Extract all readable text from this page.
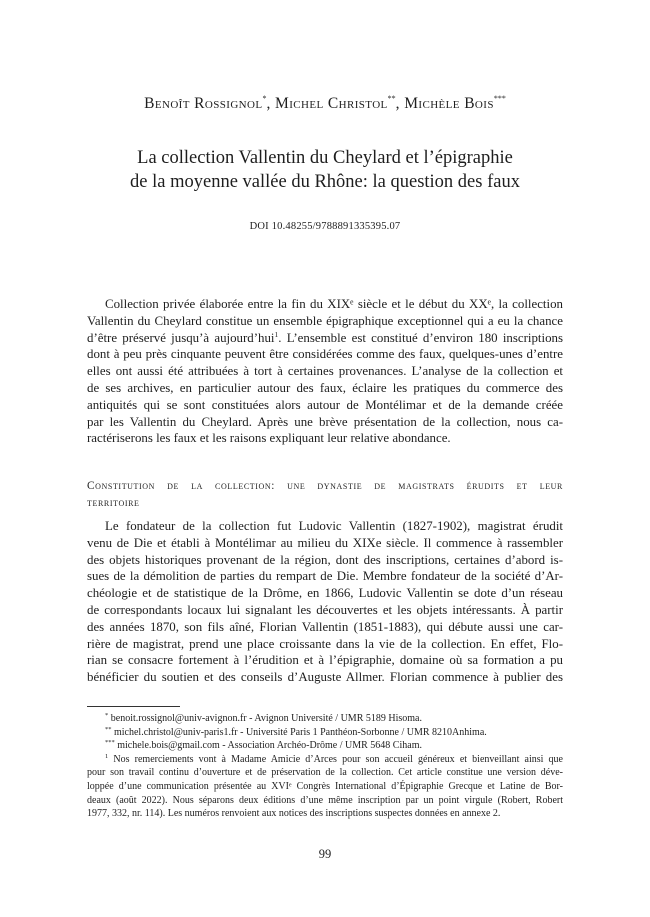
Benoît Rossignol*, Michel Christol**, Michèle Bois***
La collection Vallentin du Cheylard et l’épigraphie
de la moyenne vallée du Rhône: la question des faux
DOI 10.48255/9788891335395.07
Collection privée élaborée entre la fin du XIXᵉ siècle et le début du XXᵉ, la collection
Vallentin du Cheylard constitue un ensemble épigraphique exceptionnel qui a eu la chance
d’être préservé jusqu’à aujourd’hui$^1$. L’ensemble est constitué d’environ 180 inscriptions
dont à peu près cinquante peuvent être considérées comme des faux, quelques-unes d’entre
elles ont aussi été attribuées à tort à certaines provenances. L’analyse de la collection et
de ses archives, en particulier autour des faux, éclaire les pratiques du commerce des
antiquités qui se sont constituées alors autour de Montélimar et de la demande créée
par les Vallentin du Cheylard. Après une brève présentation de la collection, nous ca-
ractériserons les faux et les raisons expliquant leur relative abondance.
Constitution de la collection: une dynastie de magistrats érudits et leur
territoire
Le fondateur de la collection fut Ludovic Vallentin (1827-1902), magistrat érudit
venu de Die et établi à Montélimar au milieu du XIXe siècle. Il commence à rassembler
des objets historiques provenant de la région, dont des inscriptions, certaines d’abord is-
sues de la démolition de parties du rempart de Die. Membre fondateur de la société d’Ar-
chéologie et de statistique de la Drôme, en 1866, Ludovic Vallentin se dote d’un réseau
de correspondants locaux lui signalant les découvertes et les objets intéressants. À partir
des années 1870, son fils aîné, Florian Vallentin (1851-1883), qui débute aussi une car-
rière de magistrat, prend une place croissante dans la vie de la collection. En effet, Flo-
rian se consacre fortement à l’érudition et à l’épigraphie, domaine où sa formation a pu
bénéficier du soutien et des conseils d’Auguste Allmer. Florian commence à publier des
* benoit.rossignol@univ-avignon.fr - Avignon Université / UMR 5189 Hisoma.
** michel.christol@univ-paris1.fr - Université Paris 1 Panthéon-Sorbonne / UMR 8210Anhima.
*** michele.bois@gmail.com - Association Archéo-Drôme / UMR 5648 Ciham.
$^1$ Nos remerciements vont à Madame Amicie d’Arces pour son accueil généreux et bienveillant ainsi que
pour son travail continu d’ouverture et de préservation de la collection. Cet article constitue une version déve-
loppée d’une communication présentée au XVIᵉ Congrès International d’Épigraphie Grecque et Latine de Bor-
deaux (août 2022). Nous séparons deux éditions d’une même inscription par un point virgule (Robert, Robert
1977, 332, nr. 114). Les numéros renvoient aux notices des inscriptions suspectes données en annexe 2.
99
